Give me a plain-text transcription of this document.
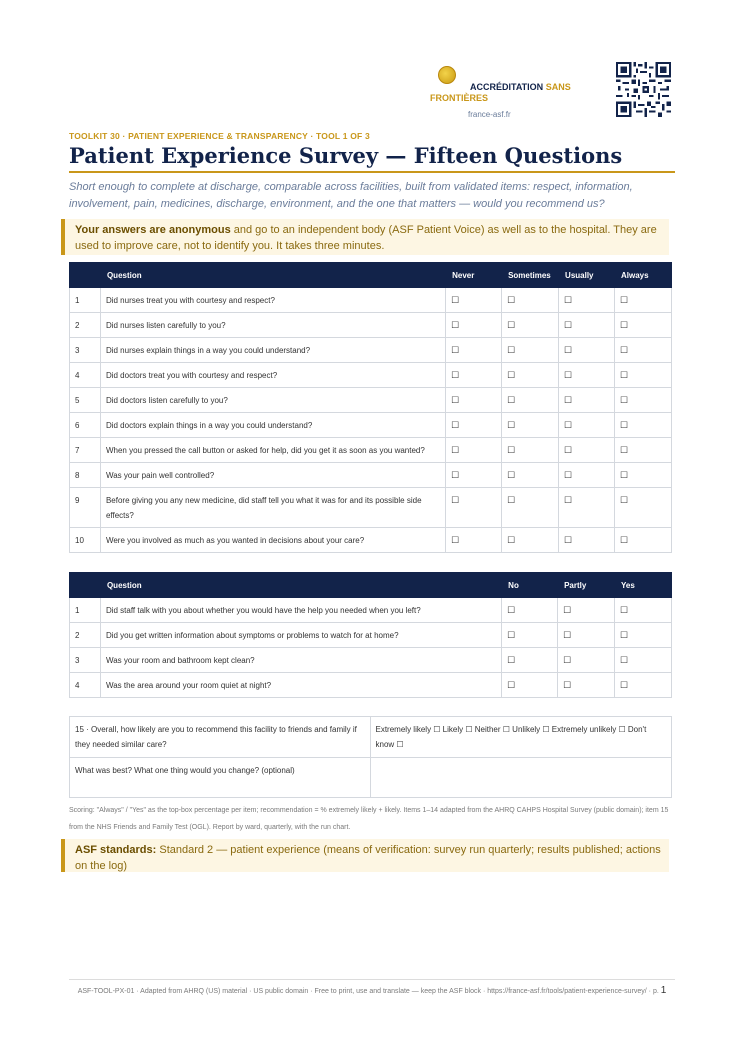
ACCRÉDITATION SANS
FRONTIÈRES
france-asf.fr
TOOLKIT 30 · PATIENT EXPERIENCE & TRANSPARENCY · TOOL 1 OF 3
Patient Experience Survey — Fifteen Questions

Short enough to complete at discharge, comparable across facilities, built from validated items: respect, information, involvement, pain, medicines, discharge, environment, and the one that matters — would you recommend us?

Your answers are anonymous and go to an independent body (ASF Patient Voice) as well as to the hospital. They are used to improve care, not to identify you. It takes three minutes.
	Question	Never	Sometimes	Usually	Always
1	Did nurses treat you with courtesy and respect?	☐	☐	☐	☐
2	Did nurses listen carefully to you?	☐	☐	☐	☐
3	Did nurses explain things in a way you could understand?	☐	☐	☐	☐
4	Did doctors treat you with courtesy and respect?	☐	☐	☐	☐
5	Did doctors listen carefully to you?	☐	☐	☐	☐
6	Did doctors explain things in a way you could understand?	☐	☐	☐	☐
7	When you pressed the call button or asked for help, did you get it as soon as you wanted?	☐	☐	☐	☐
8	Was your pain well controlled?	☐	☐	☐	☐
9	Before giving you any new medicine, did staff tell you what it was for and its possible side effects?	☐	☐	☐	☐
10	Were you involved as much as you wanted in decisions about your care?	☐	☐	☐	☐
	Question	No	Partly	Yes
1	Did staff talk with you about whether you would have the help you needed when you left?	☐	☐	☐
2	Did you get written information about symptoms or problems to watch for at home?	☐	☐	☐
3	Was your room and bathroom kept clean?	☐	☐	☐
4	Was the area around your room quiet at night?	☐	☐	☐
15 · Overall, how likely are you to recommend this facility to friends and family if they needed similar care?	Extremely likely ☐ Likely ☐ Neither ☐ Unlikely ☐ Extremely unlikely ☐ Don't know ☐
What was best? What one thing would you change? (optional)	

Scoring: "Always" / "Yes" as the top-box percentage per item; recommendation = % extremely likely + likely. Items 1–14 adapted from the AHRQ CAHPS Hospital Survey (public domain); item 15 from the NHS Friends and Family Test (OGL). Report by ward, quarterly, with the run chart.

ASF standards: Standard 2 — patient experience (means of verification: survey run quarterly; results published; actions on the log)
ASF-TOOL-PX-01 · Adapted from AHRQ (US) material · US public domain · Free to print, use and translate — keep the ASF block · https://france-asf.fr/tools/patient-experience-survey/ · p. 1
